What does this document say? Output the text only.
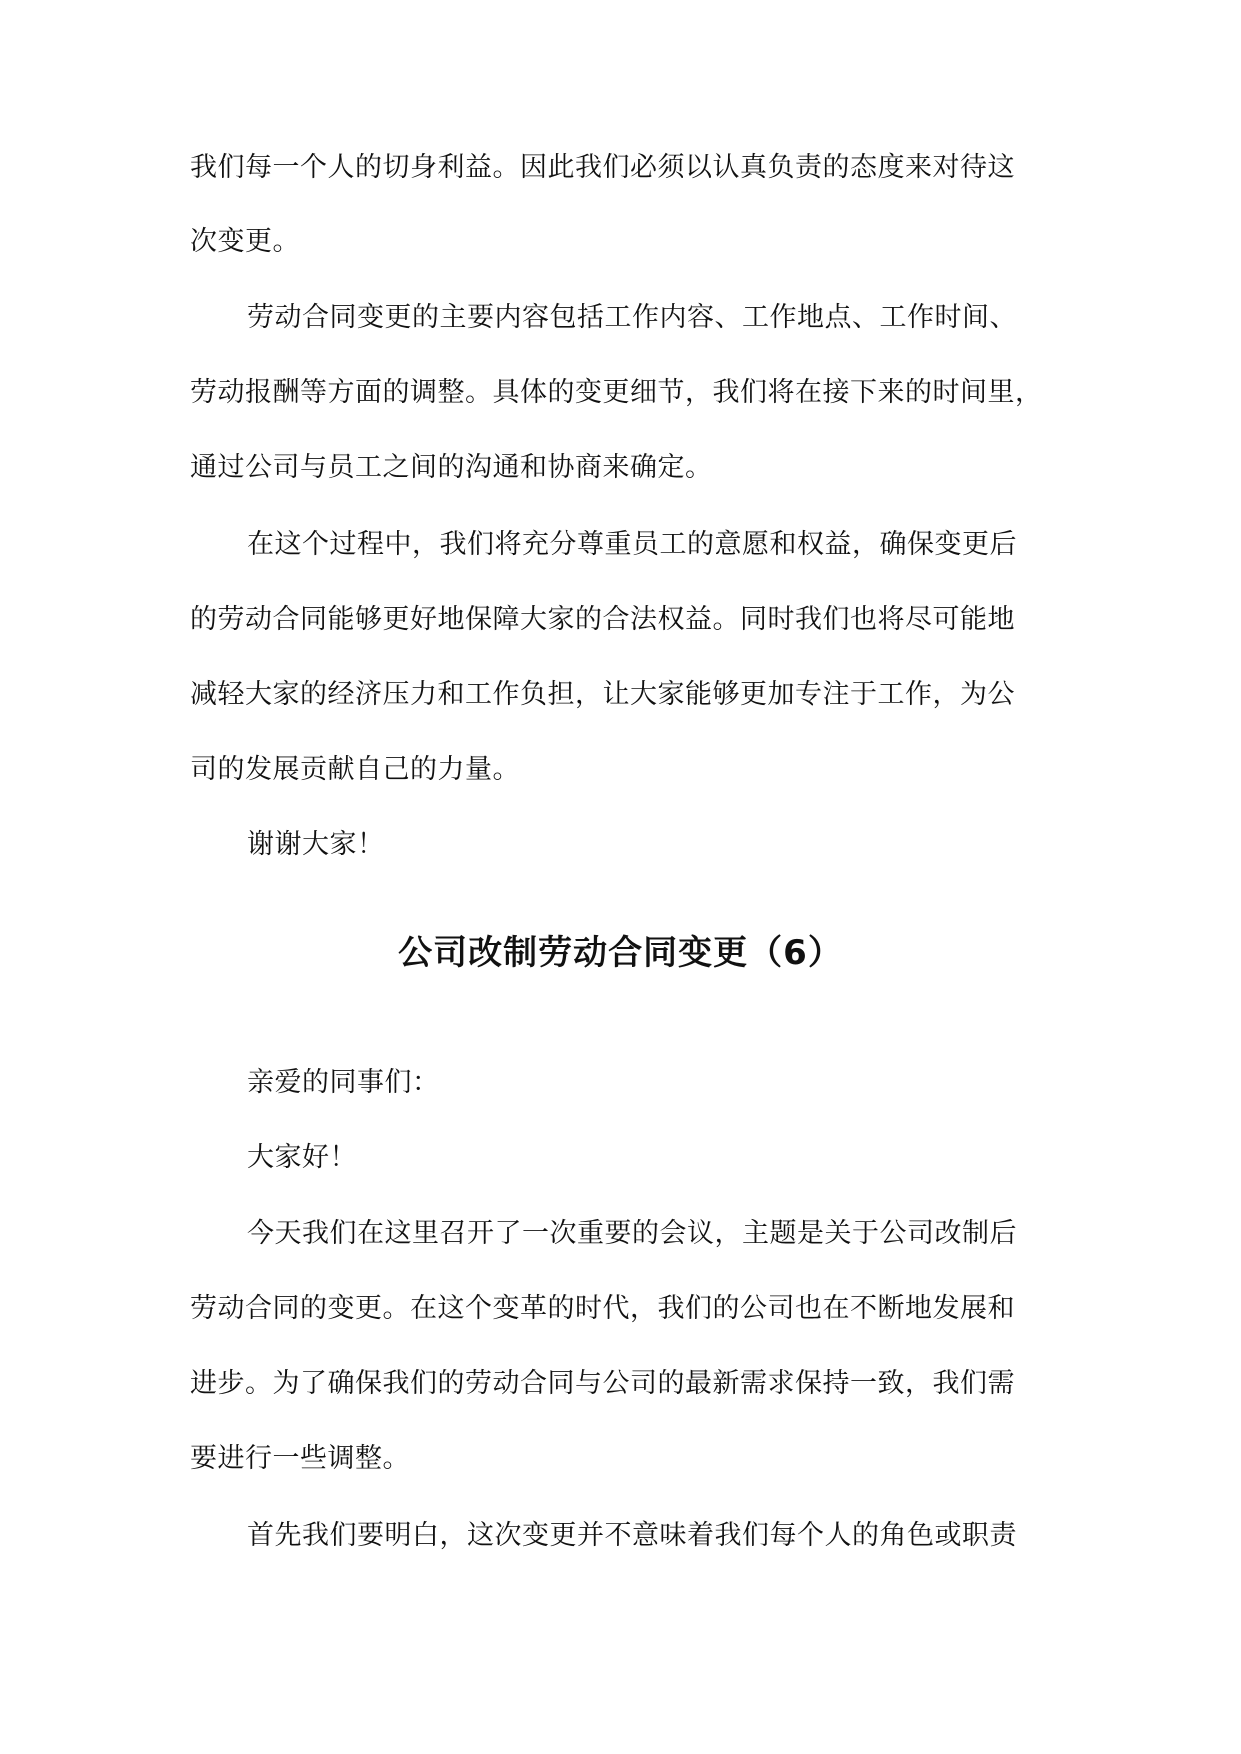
我们每一个人的切身利益。因此我们必须以认真负责的态度来对待这
次变更。
劳动合同变更的主要内容包括工作内容、工作地点、工作时间、
劳动报酬等方面的调整。具体的变更细节，我们将在接下来的时间里，
通过公司与员工之间的沟通和协商来确定。
在这个过程中，我们将充分尊重员工的意愿和权益，确保变更后
的劳动合同能够更好地保障大家的合法权益。同时我们也将尽可能地
减轻大家的经济压力和工作负担，让大家能够更加专注于工作，为公
司的发展贡献自己的力量。
谢谢大家！
公司改制劳动合同变更（6）
亲爱的同事们：
大家好！
今天我们在这里召开了一次重要的会议，主题是关于公司改制后
劳动合同的变更。在这个变革的时代，我们的公司也在不断地发展和
进步。为了确保我们的劳动合同与公司的最新需求保持一致，我们需
要进行一些调整。
首先我们要明白，这次变更并不意味着我们每个人的角色或职责
